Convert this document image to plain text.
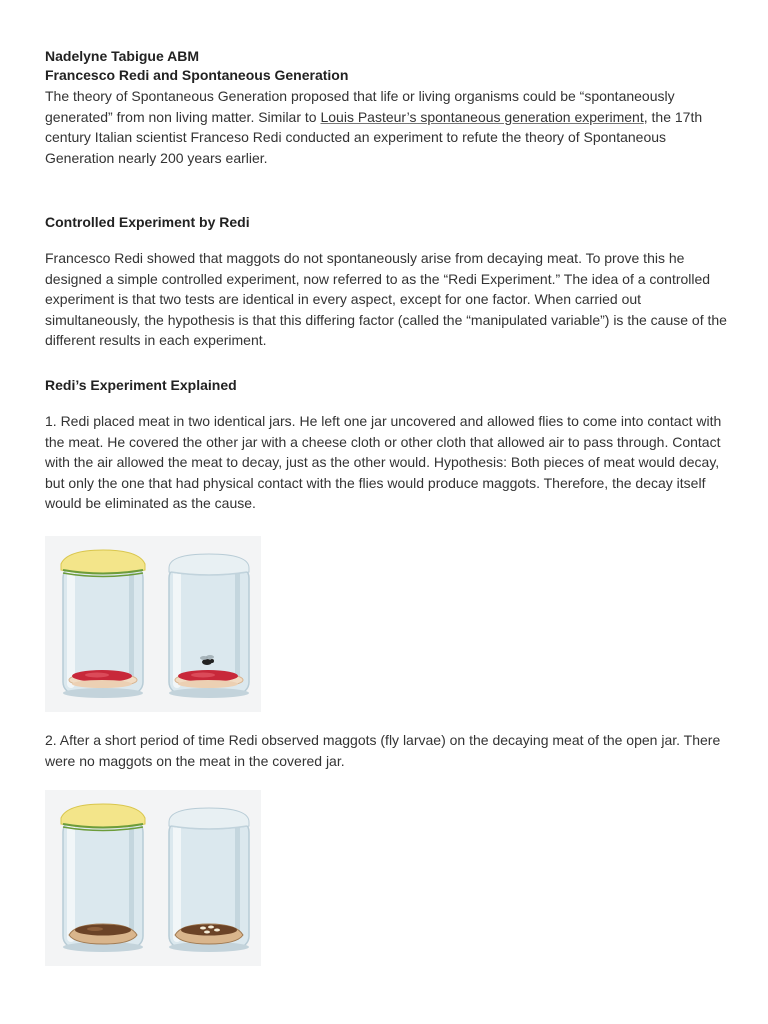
Nadelyne Tabigue ABM

Francesco Redi and Spontaneous Generation

The theory of Spontaneous Generation proposed that life or living organisms could be “spontaneously generated” from non living matter. Similar to Louis Pasteur’s spontaneous generation experiment, the 17th century Italian scientist Franceso Redi conducted an experiment to refute the theory of Spontaneous Generation nearly 200 years earlier.

Controlled Experiment by Redi

Francesco Redi showed that maggots do not spontaneously arise from decaying meat. To prove this he designed a simple controlled experiment, now referred to as the “Redi Experiment.” The idea of a controlled experiment is that two tests are identical in every aspect, except for one factor. When carried out simultaneously, the hypothesis is that this differing factor (called the “manipulated variable”) is the cause of the different results in each experiment.

Redi’s Experiment Explained

1. Redi placed meat in two identical jars. He left one jar uncovered and allowed flies to come into contact with the meat. He covered the other jar with a cheese cloth or other cloth that allowed air to pass through. Contact with the air allowed the meat to decay, just as the other would. Hypothesis: Both pieces of meat would decay, but only the one that had physical contact with the flies would produce maggots. Therefore, the decay itself would be eliminated as the cause.

2. After a short period of time Redi observed maggots (fly larvae) on the decaying meat of the open jar. There were no maggots on the meat in the covered jar.
